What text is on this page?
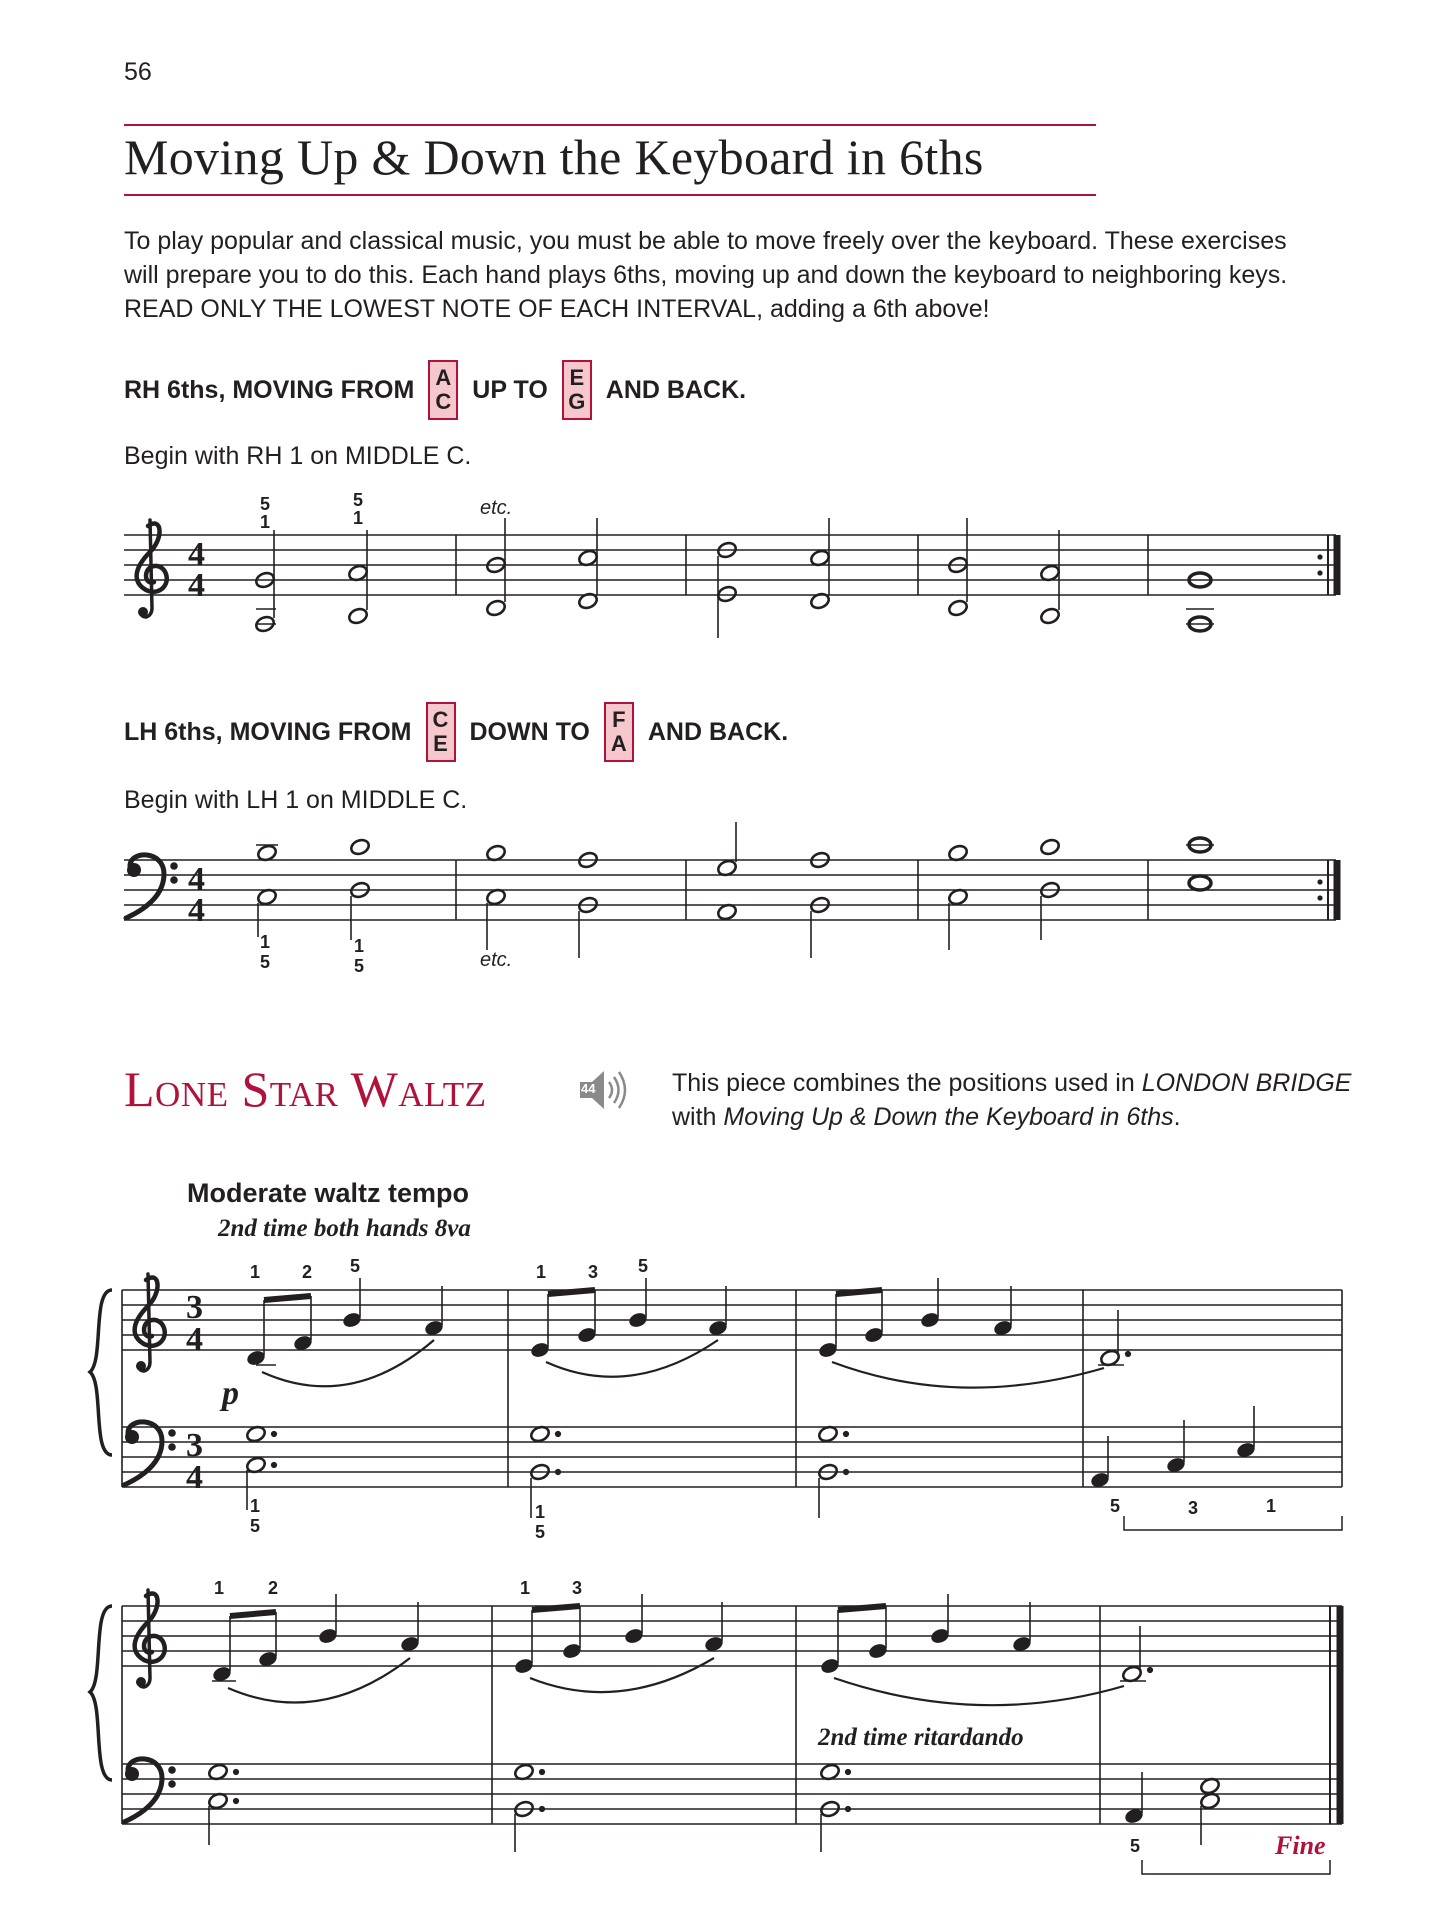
56
Moving Up & Down the Keyboard in 6ths
To play popular and classical music, you must be able to move freely over the keyboard. These exercises will prepare you to do this. Each hand plays 6ths, moving up and down the keyboard to neighboring keys. READ ONLY THE LOWEST NOTE OF EACH INTERVAL, adding a 6th above!
RH 6ths, MOVING FROM A
C UP TO E
G AND BACK.
Begin with RH 1 on MIDDLE C.
LH 6ths, MOVING FROM C
E DOWN TO F
A AND BACK.
Begin with LH 1 on MIDDLE C.
Lone Star Waltz	44	This piece combines the positions used in LONDON BRIDGE with Moving Up & Down the Keyboard in 6ths.
Moderate waltz tempo
2nd time both hands 8va
4
4
5
1
5
1	etc.
4
4
1
5
1
5	etc.
3
4
3
4
p
1 2 5	1 3 5
1
5
1
5
5	3	1
2nd time ritardando
Fine
1 2	1 3
5
